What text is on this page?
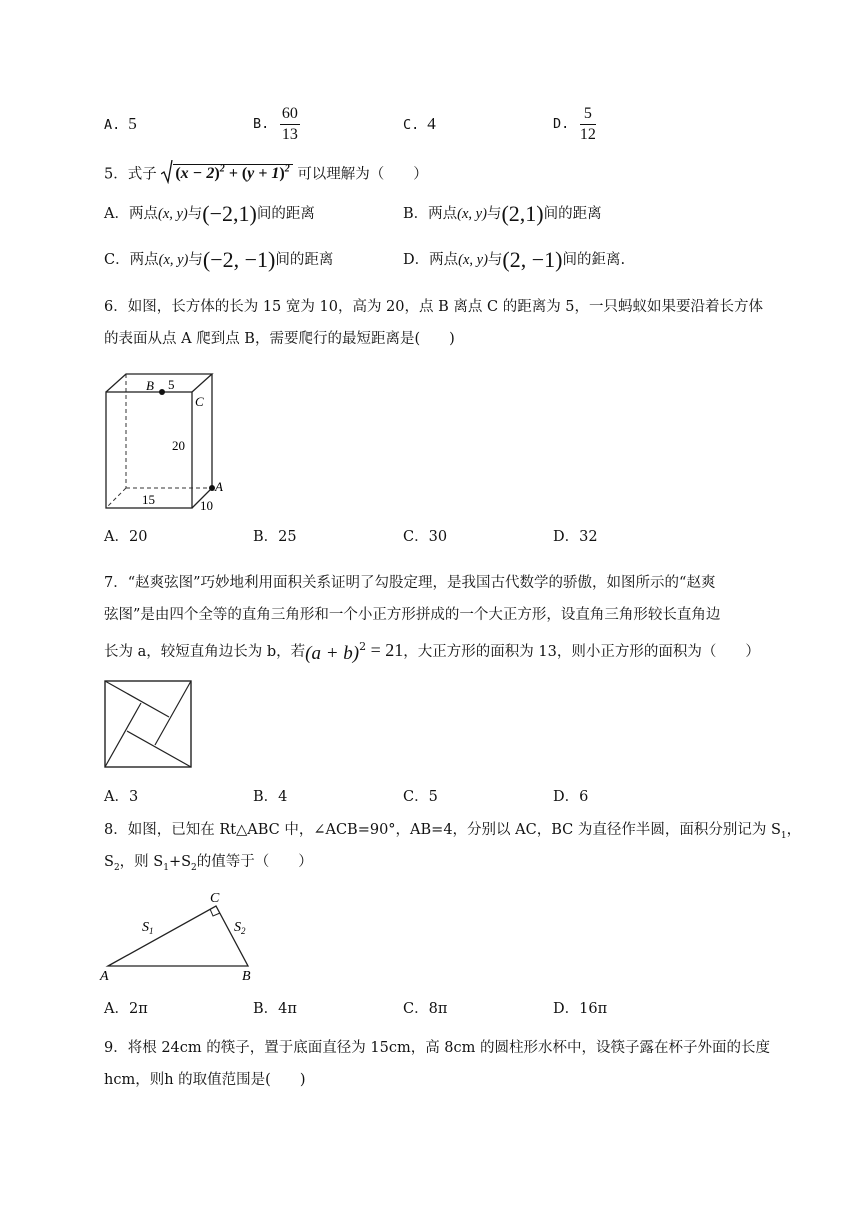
A. 5	B. $\frac{60}{13}$	C. 4	D. $\frac{5}{12}$
5．式子 $(x - 2)^2 + (y + 1)^2$ 可以理解为（　　）
A．两点(x, y)与(−2,1)间的距离	B．两点(x, y)与(2,1)间的距离
C．两点(x, y)与(−2, −1)间的距离	D．两点(x, y)与(2, −1)间的鉅离.
6．如图，长方体的长为 15 宽为 10，高为 20，点 B 离点 C 的距离为 5，一只蚂蚁如果要沿着长方体
的表面从点 A 爬到点 B，需要爬行的最短距离是(　　)
B 5
C
20
A
15	10
A．20	B．25	C．30	D．32
7．“赵爽弦图”巧妙地利用面积关系证明了勾股定理，是我国古代数学的骄傲，如图所示的“赵爽
弦图”是由四个全等的直角三角形和一个小正方形拼成的一个大正方形，设直角三角形较长直角边
长为 a，较短直角边长为 b，若$(a + b)^2 = 21$，大正方形的面积为 13，则小正方形的面积为（　　）
A．3	B．4	C．5	D．6
8．如图，已知在 Rt△ABC 中，∠ACB=90°，AB=4，分别以 AC，BC 为直径作半圆，面积分别记为 $S_1$，
$S_2$，则 $S_1+S_2$的值等于（　　）
C
$S_1$	$S_2$
A	B
A．2π	B．4π	C．8π	D．16π
9．将根 24cm 的筷子，置于底面直径为 15cm，高 8cm 的圆柱形水杯中，设筷子露在杯子外面的长度
hcm，则h 的取值范围是(　　)
